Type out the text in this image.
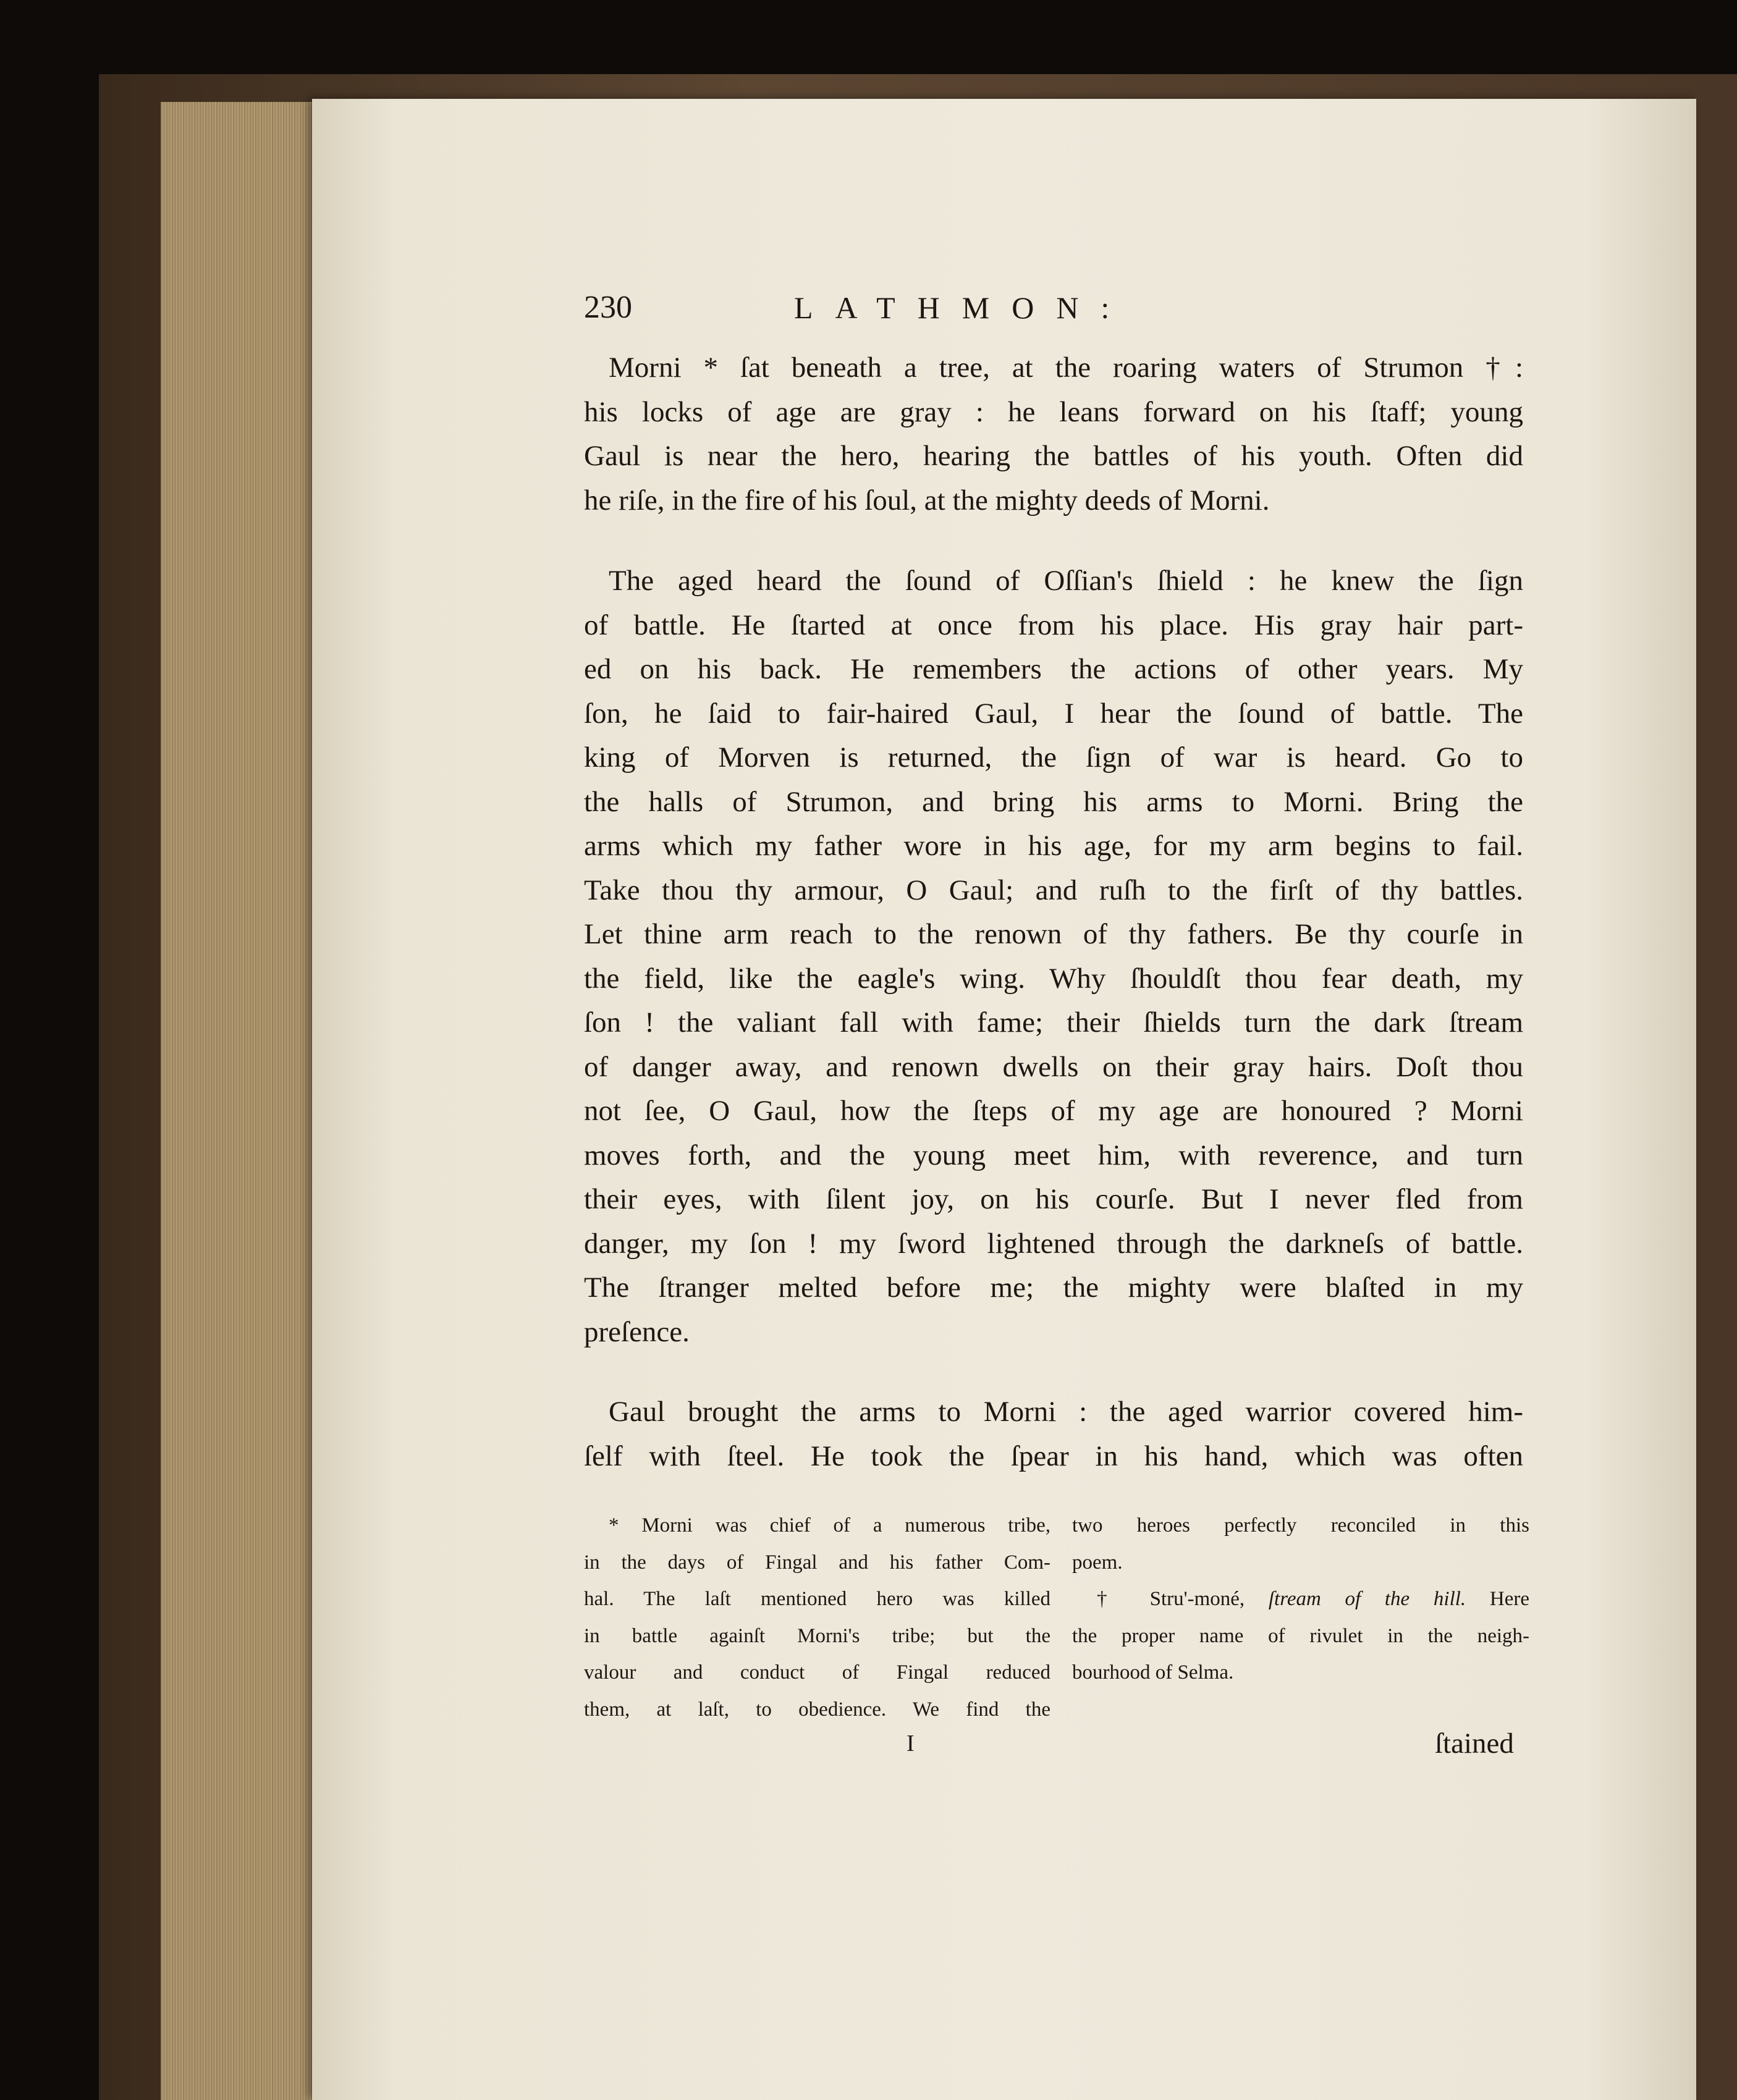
230	LATHMON:
Morni * ſat beneath a tree, at the roaring waters of Strumon †:
his locks of age are gray : he leans forward on his ſtaff; young
Gaul is near the hero, hearing the battles of his youth. Often did
he riſe, in the fire of his ſoul, at the mighty deeds of Morni.
The aged heard the ſound of Oſſian's ſhield : he knew the ſign
of battle. He ſtarted at once from his place. His gray hair part-
ed on his back. He remembers the actions of other years. My
ſon, he ſaid to fair-haired Gaul, I hear the ſound of battle. The
king of Morven is returned, the ſign of war is heard. Go to
the halls of Strumon, and bring his arms to Morni. Bring the
arms which my father wore in his age, for my arm begins to fail.
Take thou thy armour, O Gaul; and ruſh to the firſt of thy battles.
Let thine arm reach to the renown of thy fathers. Be thy courſe in
the field, like the eagle's wing. Why ſhouldſt thou fear death, my
ſon ! the valiant fall with fame; their ſhields turn the dark ſtream
of danger away, and renown dwells on their gray hairs. Doſt thou
not ſee, O Gaul, how the ſteps of my age are honoured ? Morni
moves forth, and the young meet him, with reverence, and turn
their eyes, with ſilent joy, on his courſe. But I never fled from
danger, my ſon ! my ſword lightened through the darkneſs of battle.
The ſtranger melted before me; the mighty were blaſted in my
preſence.
Gaul brought the arms to Morni : the aged warrior covered him-
ſelf with ſteel. He took the ſpear in his hand, which was often
* Morni was chief of a numerous tribe,
in the days of Fingal and his father Com-
hal. The laſt mentioned hero was killed
in battle againſt Morni's tribe; but the
valour and conduct of Fingal reduced
them, at laſt, to obedience. We find the
two heroes perfectly reconciled in this
poem.
† Stru'-moné, ſtream of the hill. Here
the proper name of rivulet in the neigh-
bourhood of Selma.
I	ſtained
